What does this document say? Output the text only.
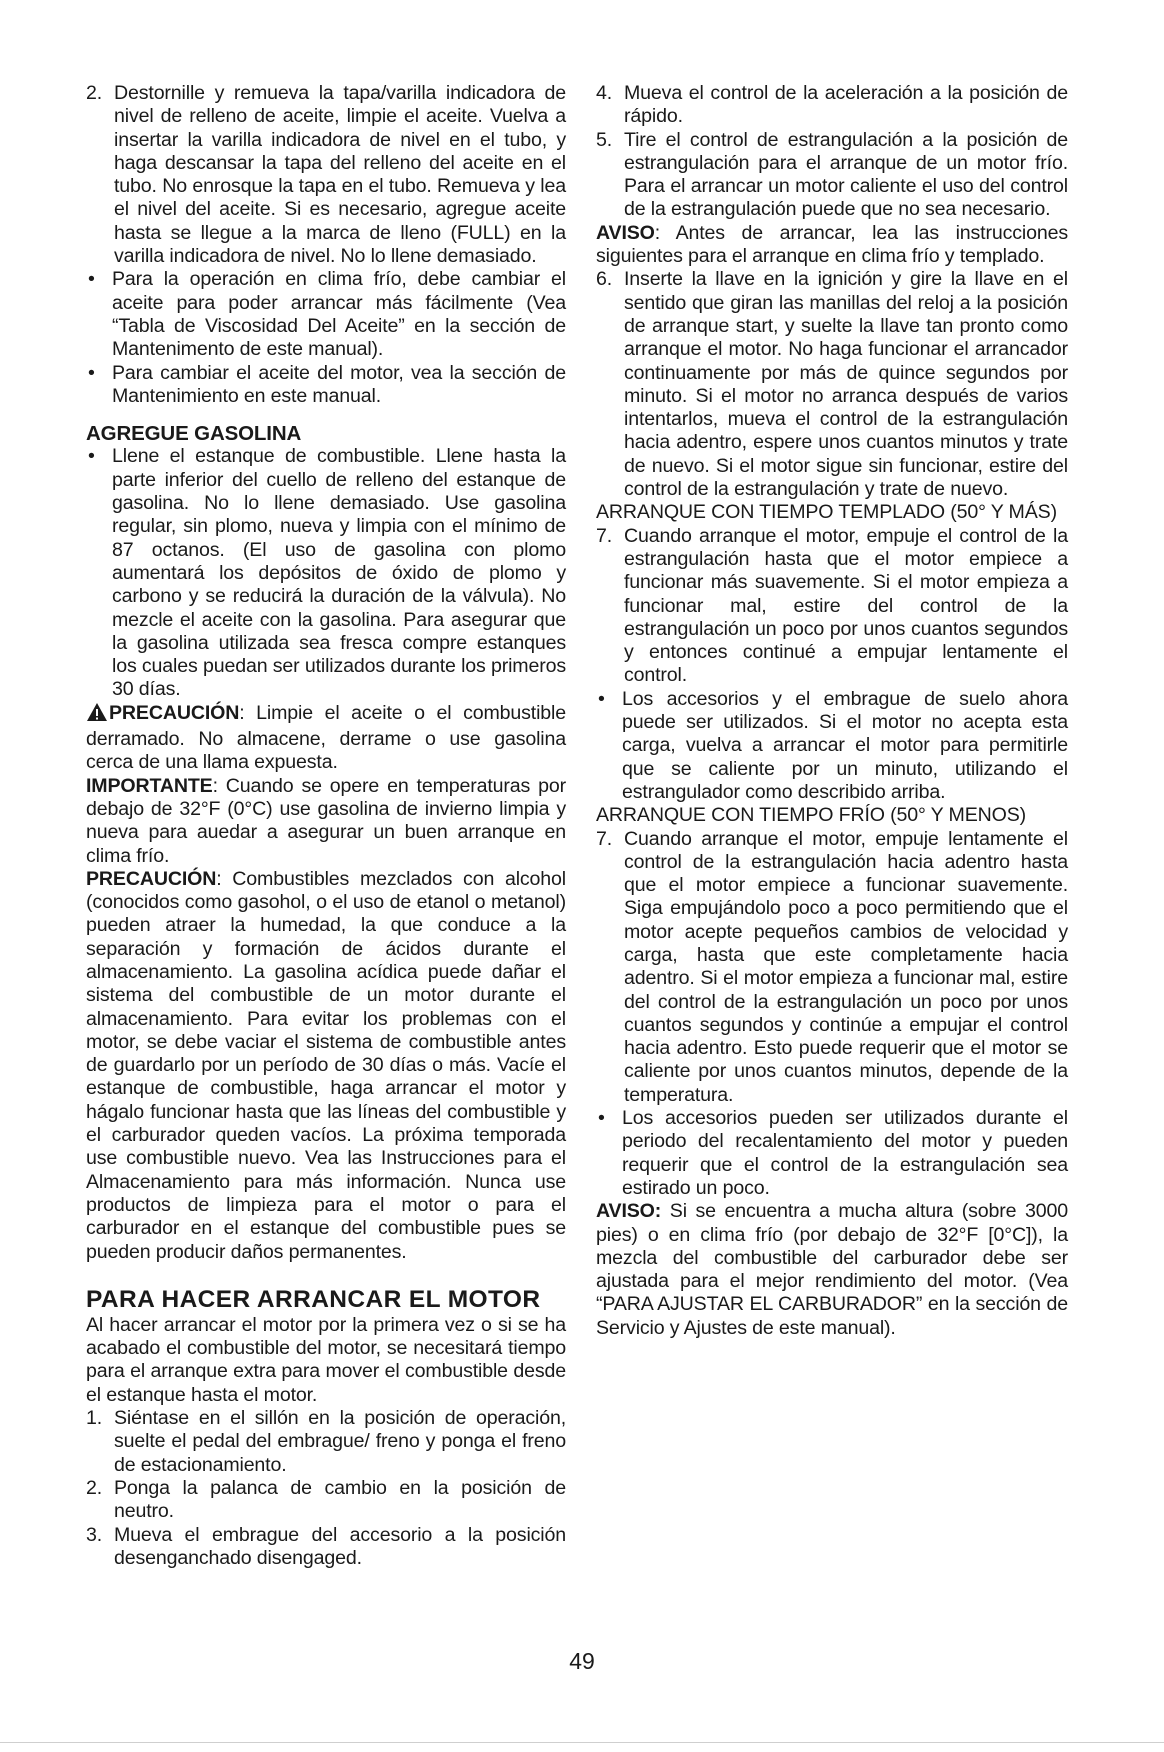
2. Destornille y remueva la tapa/varilla indicadora de nivel de relleno de aceite, limpie el aceite. Vuelva a insertar la varilla indicadora de nivel en el tubo, y haga descansar la tapa del relleno del aceite en el tubo. No enrosque la tapa en el tubo. Remueva y lea el nivel del aceite. Si es necesario, agregue aceite hasta se llegue a la marca de lleno (FULL) en la varilla indicadora de nivel. No lo llene demasiado.

• Para la operación en clima frío, debe cambiar el aceite para poder arrancar más fácilmente (Vea “Tabla de Viscosidad Del Aceite” en la sección de Mantenimento de este manual).

• Para cambiar el aceite del motor, vea la sección de Mantenimiento en este manual.

AGREGUE GASOLINA
• Llene el estanque de combustible. Llene hasta la parte inferior del cuello de relleno del estanque de gasolina. No lo llene demasiado. Use gasolina regular, sin plomo, nueva y limpia con el mínimo de 87 octanos. (El uso de gasolina con plomo aumentará los depósitos de óxido de plomo y carbono y se reducirá la duración de la válvula). No mezcle el aceite con la gasolina. Para asegurar que la gasolina utilizada sea fresca compre estanques los cuales puedan ser utilizados durante los primeros 30 días.

PRECAUCIÓN: Limpie el aceite o el combustible derramado. No almacene, derrame o use gasolina cerca de una llama expuesta.

IMPORTANTE: Cuando se opere en temperaturas por debajo de 32°F (0°C) use gasolina de invierno limpia y nueva para auedar a asegurar un buen arranque en clima frío.

PRECAUCIÓN: Combustibles mezclados con alcohol (conocidos como gasohol, o el uso de etanol o metanol) pueden atraer la humedad, la que conduce a la separación y formación de ácidos durante el almacenamiento. La gasolina acídica puede dañar el sistema del combustible de un motor durante el almacenamiento. Para evitar los problemas con el motor, se debe vaciar el sistema de combustible antes de guardarlo por un período de 30 días o más. Vacíe el estanque de combustible, haga arrancar el motor y hágalo funcionar hasta que las líneas del combustible y el carburador queden vacíos. La próxima temporada use combustible nuevo. Vea las Instrucciones para el Almacenamiento para más información. Nunca use productos de limpieza para el motor o para el carburador en el estanque del combustible pues se pueden producir daños permanentes.

PARA HACER ARRANCAR EL MOTOR

Al hacer arrancar el motor por la primera vez o si se ha acabado el combustible del motor, se necesitará tiempo para el arranque extra para mover el combustible desde el estanque hasta el motor.

1. Siéntase en el sillón en la posición de operación, suelte el pedal del embrague/ freno y ponga el freno de estacionamiento.

2. Ponga la palanca de cambio en la posición de neutro.

3. Mueva el embrague del accesorio a la posición desenganchado disengaged.

4. Mueva el control de la aceleración a la posición de rápido.

5. Tire el control de estrangulación a la posición de estrangulación para el arranque de un motor frío. Para el arrancar un motor caliente el uso del control de la estrangulación puede que no sea necesario.

AVISO: Antes de arrancar, lea las instrucciones siguientes para el arranque en clima frío y templado.

6. Inserte la llave en la ignición y gire la llave en el sentido que giran las manillas del reloj a la posición de arranque start, y suelte la llave tan pronto como arranque el motor. No haga funcionar el arrancador continuamente por más de quince segundos por minuto. Si el motor no arranca después de varios intentarlos, mueva el control de la estrangulación hacia adentro, espere unos cuantos minutos y trate de nuevo. Si el motor sigue sin funcionar, estire del control de la estrangulación y trate de nuevo.

ARRANQUE CON TIEMPO TEMPLADO (50° Y MÁS)

7. Cuando arranque el motor, empuje el control de la estrangulación hasta que el motor empiece a funcionar más suavemente. Si el motor empieza a funcionar mal, estire del control de la estrangulación un poco por unos cuantos segundos y entonces continué a empujar lentamente el control.

• Los accesorios y el embrague de suelo ahora puede ser utilizados. Si el motor no acepta esta carga, vuelva a arrancar el motor para permitirle que se caliente por un minuto, utilizando el estrangulador como describido arriba.

ARRANQUE CON TIEMPO FRÍO (50° Y MENOS)

7. Cuando arranque el motor, empuje lentamente el control de la estrangulación hacia adentro hasta que el motor empiece a funcionar suavemente. Siga empujándolo poco a poco permitiendo que el motor acepte pequeños cambios de velocidad y carga, hasta que este completamente hacia adentro. Si el motor empieza a funcionar mal, estire del control de la estrangulación un poco por unos cuantos segundos y continúe a empujar el control hacia adentro. Esto puede requerir que el motor se caliente por unos cuantos minutos, depende de la temperatura.

• Los accesorios pueden ser utilizados durante el periodo del recalentamiento del motor y pueden requerir que el control de la estrangulación sea estirado un poco.

AVISO: Si se encuentra a mucha altura (sobre 3000 pies) o en clima frío (por debajo de 32°F [0°C]), la mezcla del combustible del carburador debe ser ajustada para el mejor rendimiento del motor. (Vea “PARA AJUSTAR EL CARBURADOR” en la sección de Servicio y Ajustes de este manual).

49
